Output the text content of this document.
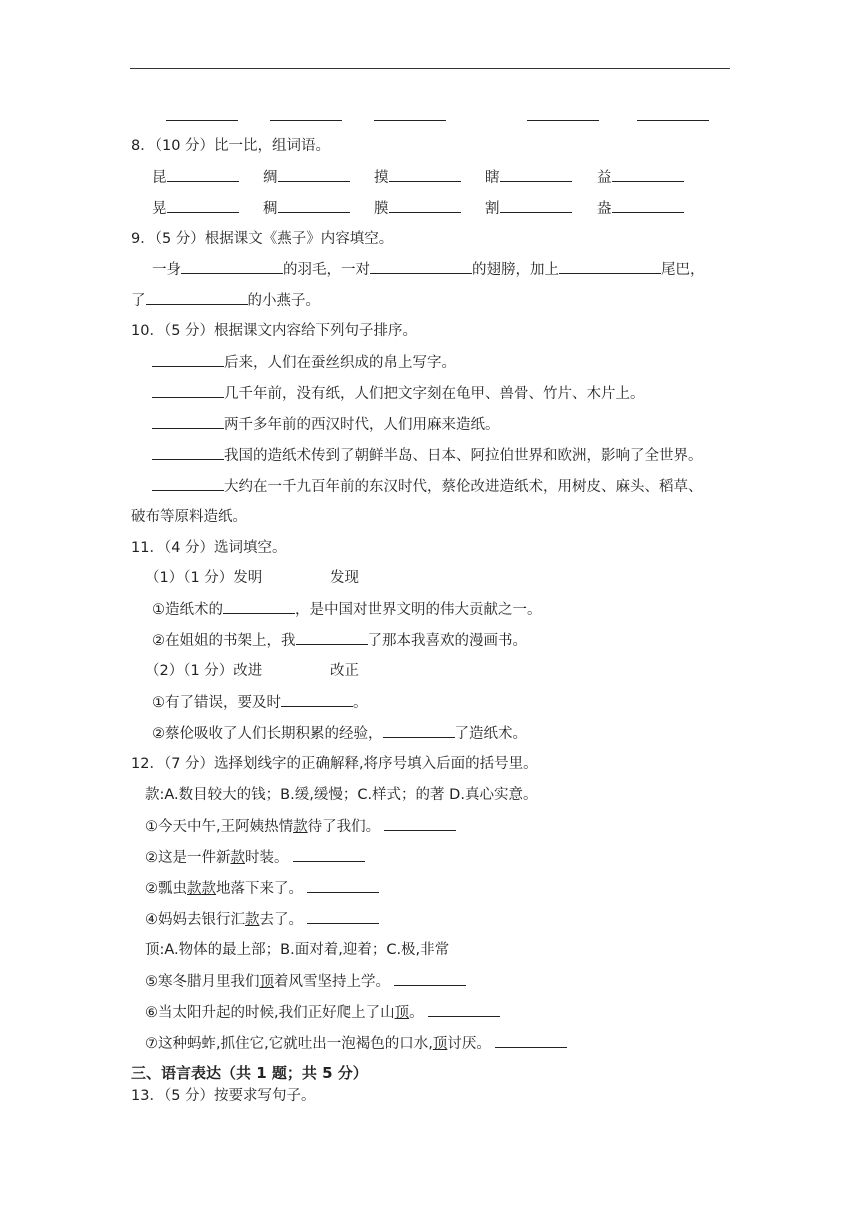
8．（10 分）比一比，组词语。
昆	绸	摸	瞎	益
晃	稠	膜	割	盎
9．（5 分）根据课文《燕子》内容填空。
一身	的羽毛，一对	的翅膀，加上	尾巴，
了	的小燕子。
10．（5 分）根据课文内容给下列句子排序。
后来，人们在蚕丝织成的帛上写字。
几千年前，没有纸，人们把文字刻在龟甲、兽骨、竹片、木片上。
两千多年前的西汉时代，人们用麻来造纸。
我国的造纸术传到了朝鲜半岛、日本、阿拉伯世界和欧洲，影响了全世界。
大约在一千九百年前的东汉时代，蔡伦改进造纸术，用树皮、麻头、稻草、
破布等原料造纸。
11．（4 分）选词填空。
（1）（1 分）发明	发现
①造纸术的	，是中国对世界文明的伟大贡献之一。
②在姐姐的书架上，我	了那本我喜欢的漫画书。
（2）（1 分）改进	改正
①有了错误，要及时	。
②蔡伦吸收了人们长期积累的经验，	了造纸术。
12．（7 分）选择划线字的正确解释,将序号填入后面的括号里。
款:A.数目较大的钱；B.缓,缓慢；C.样式；的著 D.真心实意。
①今天中午,王阿姨热情款待了我们。
②这是一件新款时装。
②瓢虫款款地落下来了。
④妈妈去银行汇款去了。
顶:A.物体的最上部；B.面对着,迎着；C.极,非常
⑤寒冬腊月里我们顶着风雪坚持上学。
⑥当太阳升起的时候,我们正好爬上了山顶。
⑦这种蚂蚱,抓住它,它就吐出一泡褐色的口水,顶讨厌。
三、语言表达（共 1 题；共 5 分）
13．（5 分）按要求写句子。
